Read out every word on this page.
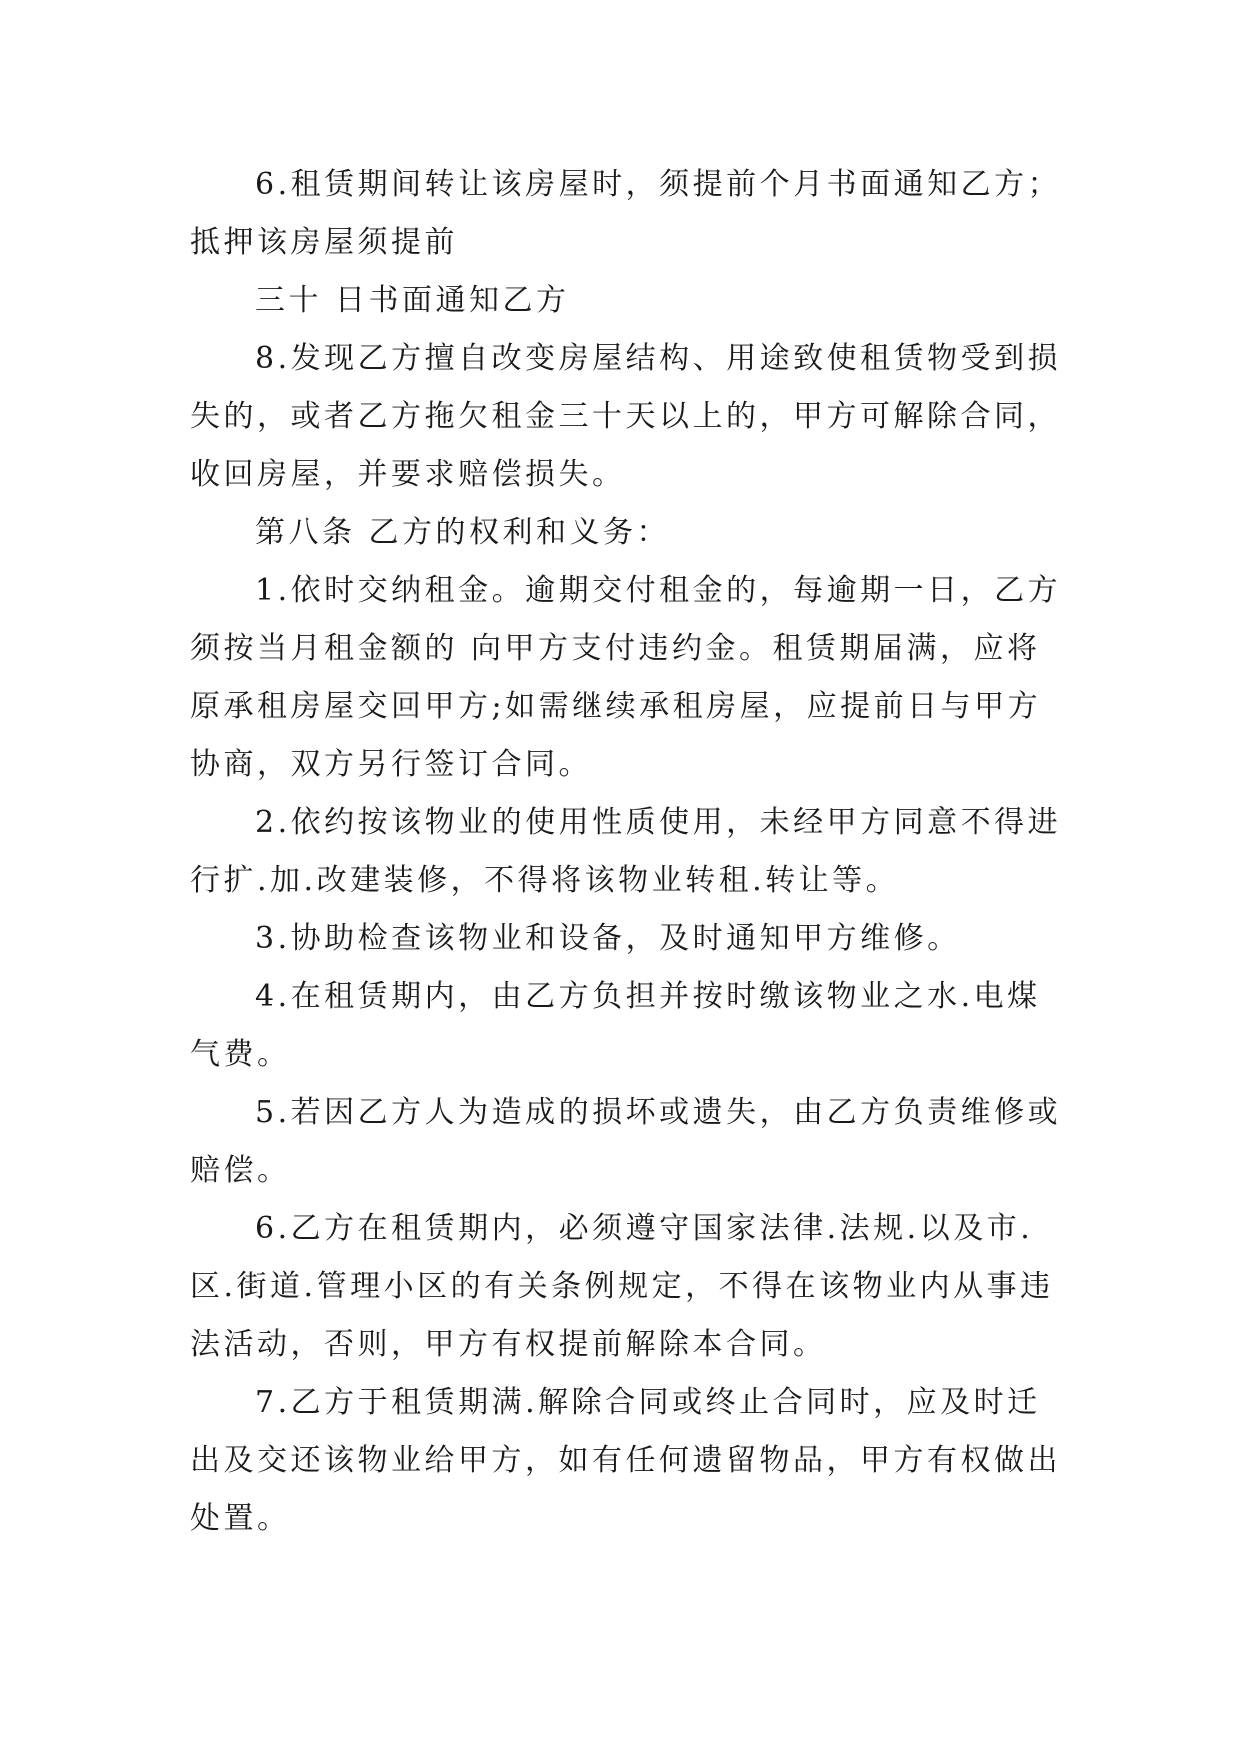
6.租赁期间转让该房屋时，须提前个月书面通知乙方；
抵押该房屋须提前
三十 日书面通知乙方
8.发现乙方擅自改变房屋结构、用途致使租赁物受到损
失的，或者乙方拖欠租金三十天以上的，甲方可解除合同，
收回房屋，并要求赔偿损失。
第八条 乙方的权利和义务：
1.依时交纳租金。逾期交付租金的，每逾期一日，乙方
须按当月租金额的 向甲方支付违约金。租赁期届满，应将
原承租房屋交回甲方;如需继续承租房屋，应提前日与甲方
协商，双方另行签订合同。
2.依约按该物业的使用性质使用，未经甲方同意不得进
行扩.加.改建装修，不得将该物业转租.转让等。
3.协助检查该物业和设备，及时通知甲方维修。
4.在租赁期内，由乙方负担并按时缴该物业之水.电煤
气费。
5.若因乙方人为造成的损坏或遗失，由乙方负责维修或
赔偿。
6.乙方在租赁期内，必须遵守国家法律.法规.以及市.
区.街道.管理小区的有关条例规定，不得在该物业内从事违
法活动，否则，甲方有权提前解除本合同。
7.乙方于租赁期满.解除合同或终止合同时，应及时迁
出及交还该物业给甲方，如有任何遗留物品，甲方有权做出
处置。
